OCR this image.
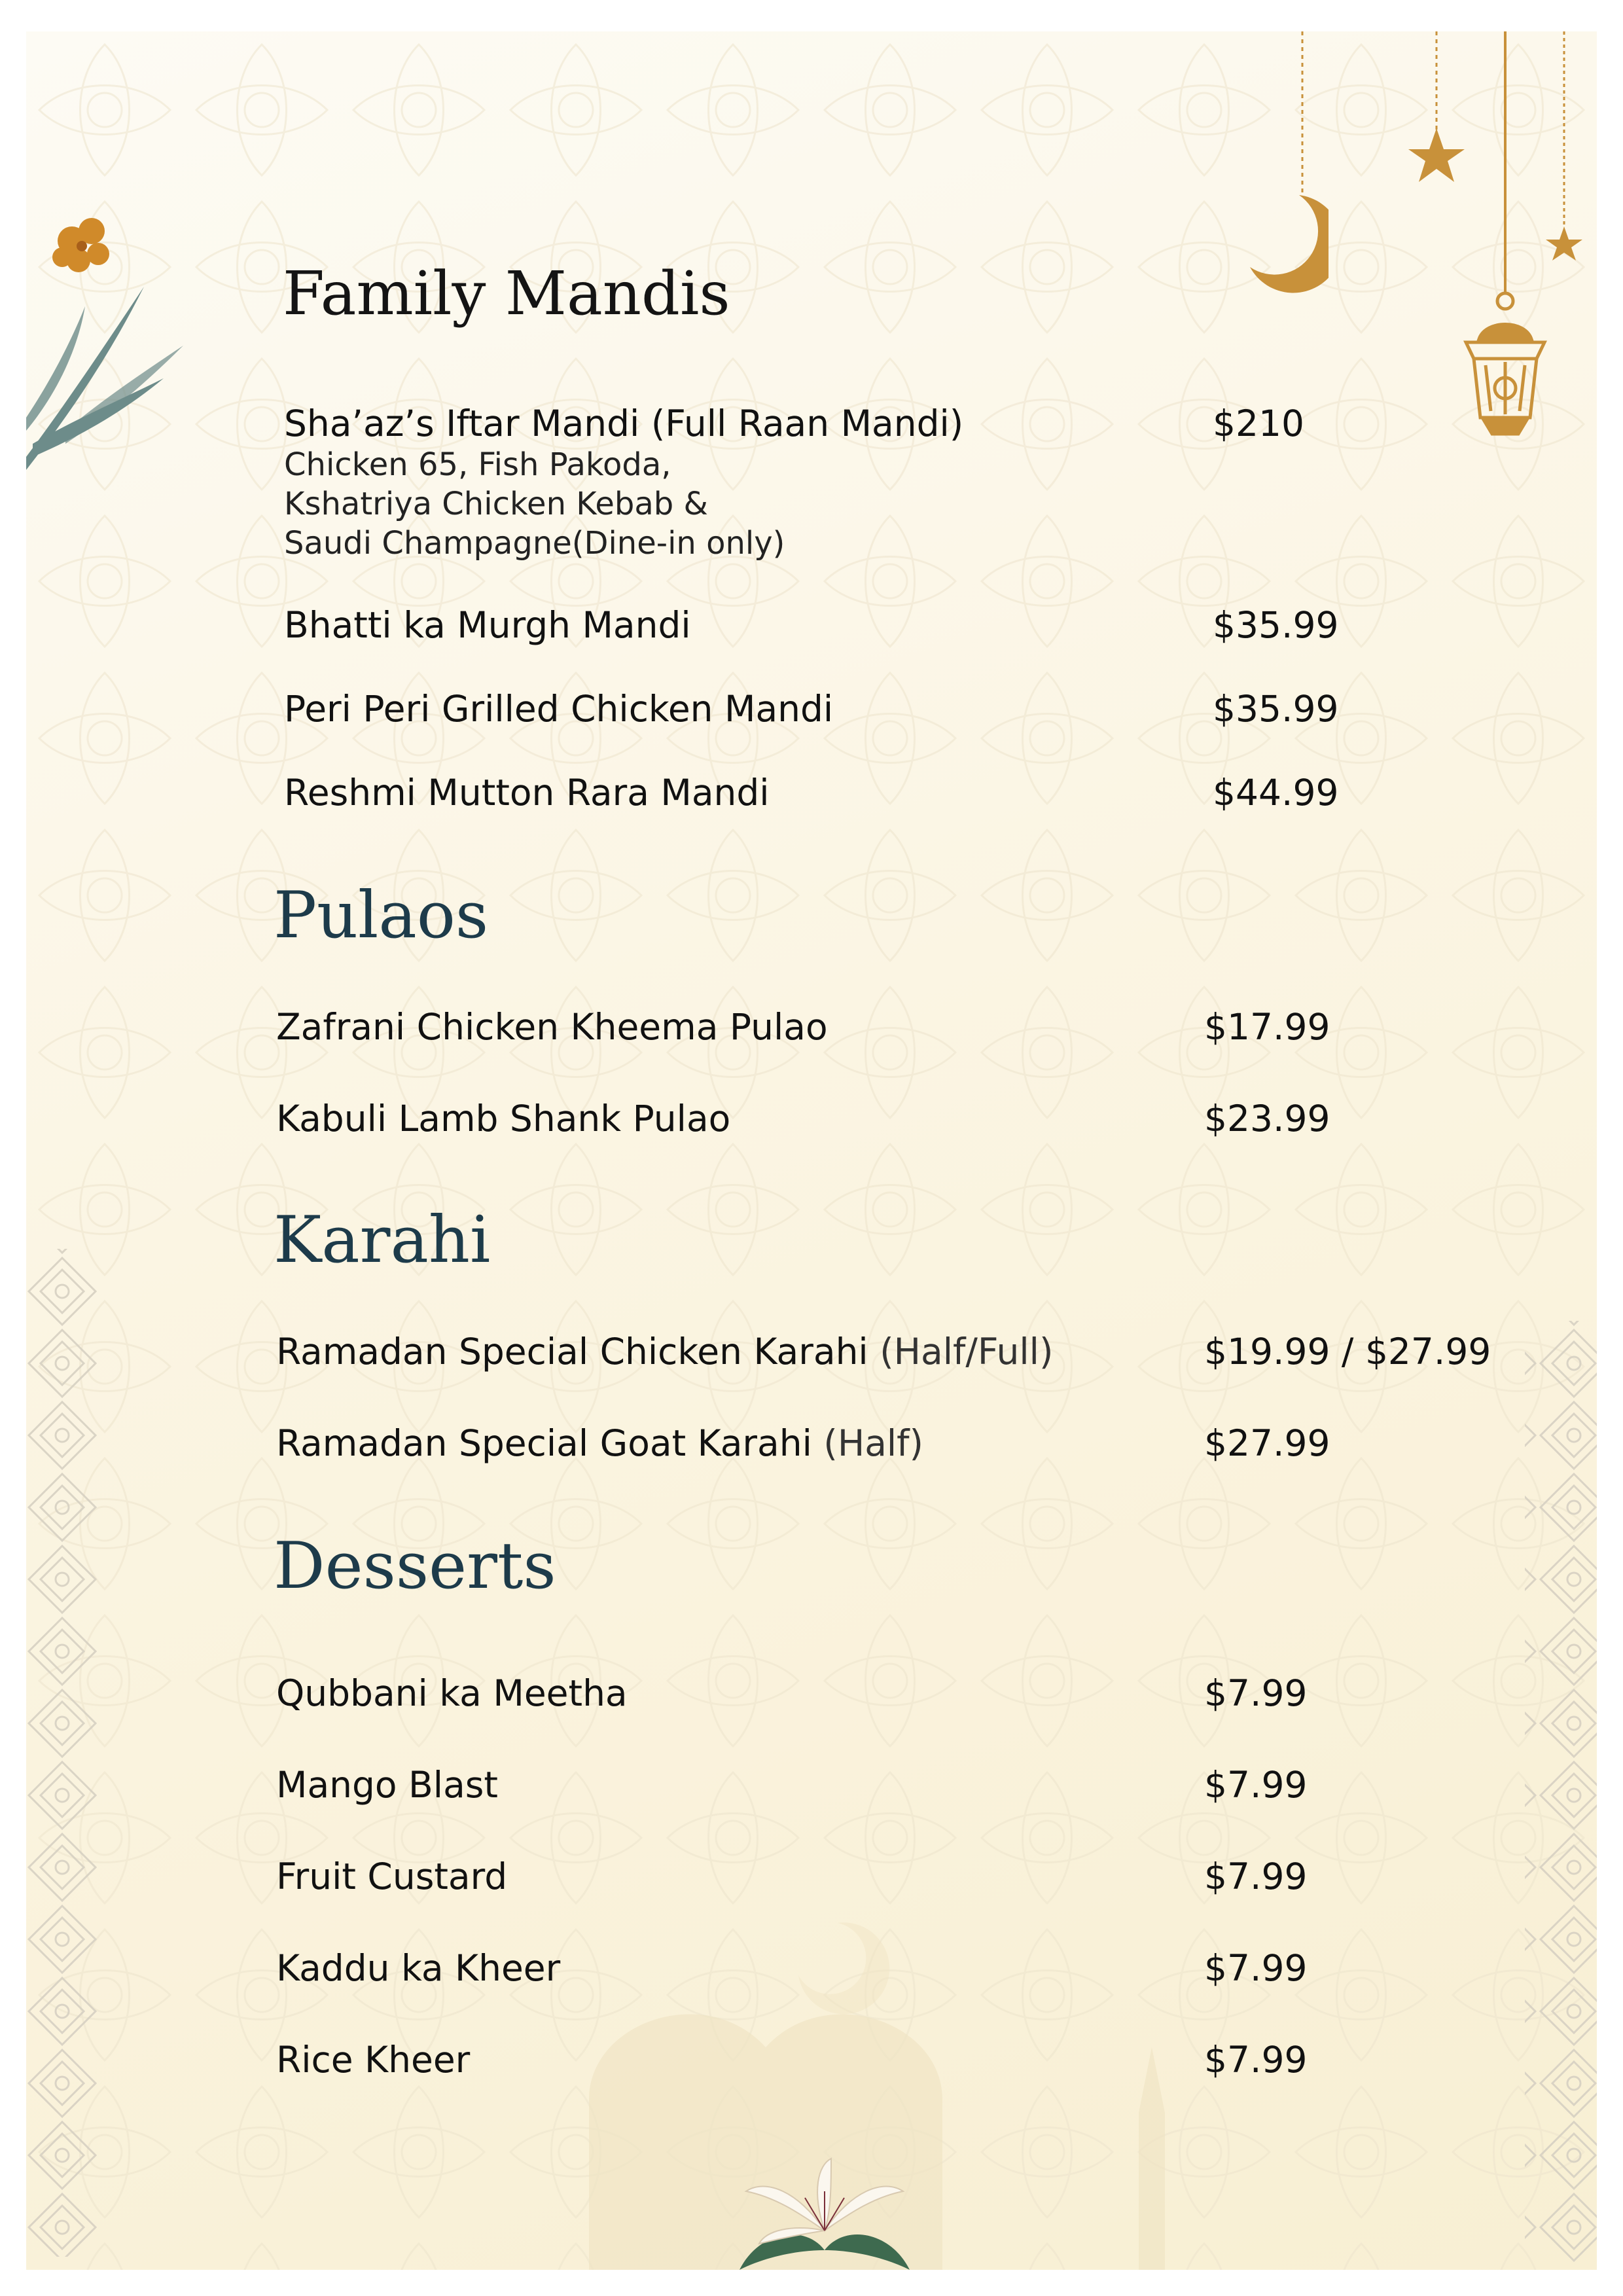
Family Mandis
Sha’az’s Iftar Mandi (Full Raan Mandi)	$210
Chicken 65, Fish Pakoda,
Kshatriya Chicken Kebab &
Saudi Champagne(Dine-in only)
Bhatti ka Murgh Mandi	$35.99
Peri Peri Grilled Chicken Mandi	$35.99
Reshmi Mutton Rara Mandi	$44.99
Pulaos
Zafrani Chicken Kheema Pulao	$17.99
Kabuli Lamb Shank Pulao	$23.99
Karahi
Ramadan Special Chicken Karahi (Half/Full)	$19.99 / $27.99
Ramadan Special Goat Karahi (Half)	$27.99
Desserts
Qubbani ka Meetha	$7.99
Mango Blast	$7.99
Fruit Custard	$7.99
Kaddu ka Kheer	$7.99
Rice Kheer	$7.99
